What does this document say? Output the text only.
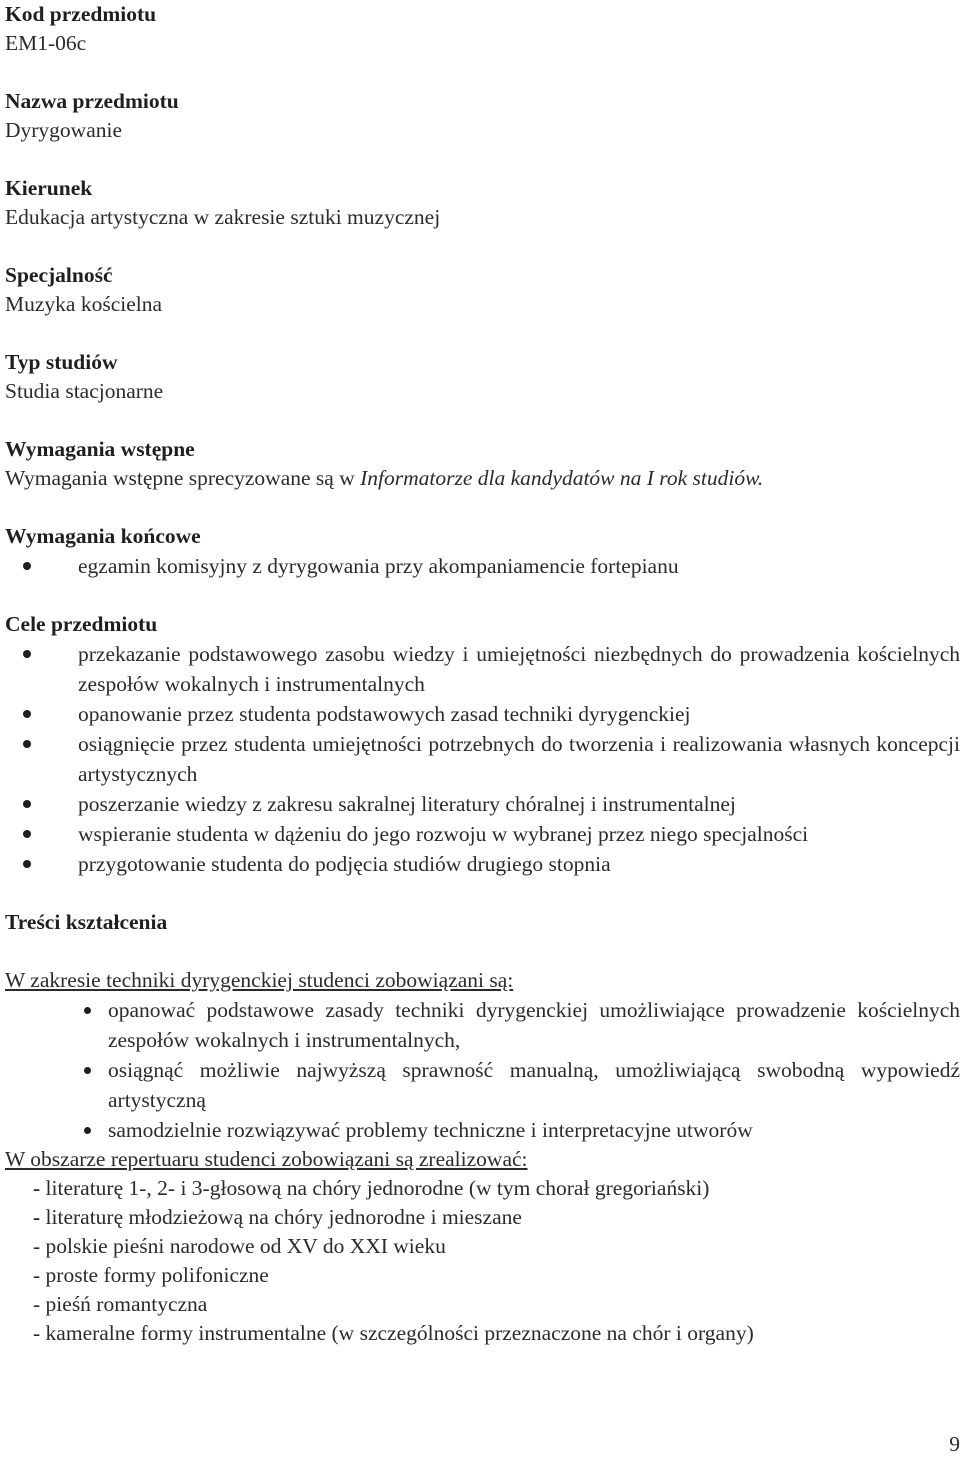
Kod przedmiotu
EM1-06c
Nazwa przedmiotu
Dyrygowanie
Kierunek
Edukacja artystyczna w zakresie sztuki muzycznej
Specjalność
Muzyka kościelna
Typ studiów
Studia stacjonarne
Wymagania wstępne
Wymagania wstępne sprecyzowane są w Informatorze dla kandydatów na I rok studiów.
Wymagania końcowe
egzamin komisyjny z dyrygowania przy akompaniamencie fortepianu
Cele przedmiotu
przekazanie podstawowego zasobu wiedzy i umiejętności niezbędnych do prowadzenia kościelnych zespołów wokalnych i instrumentalnych
opanowanie przez studenta podstawowych zasad techniki dyrygenckiej
osiągnięcie przez studenta umiejętności potrzebnych do tworzenia i realizowania własnych koncepcji artystycznych
poszerzanie wiedzy z zakresu sakralnej literatury chóralnej i instrumentalnej
wspieranie studenta w dążeniu do jego rozwoju w wybranej przez niego specjalności
przygotowanie studenta do podjęcia studiów drugiego stopnia
Treści kształcenia
W zakresie techniki dyrygenckiej studenci zobowiązani są:
opanować podstawowe zasady techniki dyrygenckiej umożliwiające prowadzenie kościelnych zespołów wokalnych i instrumentalnych,
osiągnąć możliwie najwyższą sprawność manualną, umożliwiającą swobodną wypowiedź artystyczną
samodzielnie rozwiązywać problemy techniczne i interpretacyjne utworów
W obszarze repertuaru studenci zobowiązani są zrealizować:
- literaturę 1-, 2- i 3-głosową na chóry jednorodne (w tym chorał gregoriański)
- literaturę młodzieżową na chóry jednorodne i mieszane
- polskie pieśni narodowe od XV do XXI wieku
- proste formy polifoniczne
- pieśń romantyczna
- kameralne formy instrumentalne (w szczególności przeznaczone na chór i organy)
9
